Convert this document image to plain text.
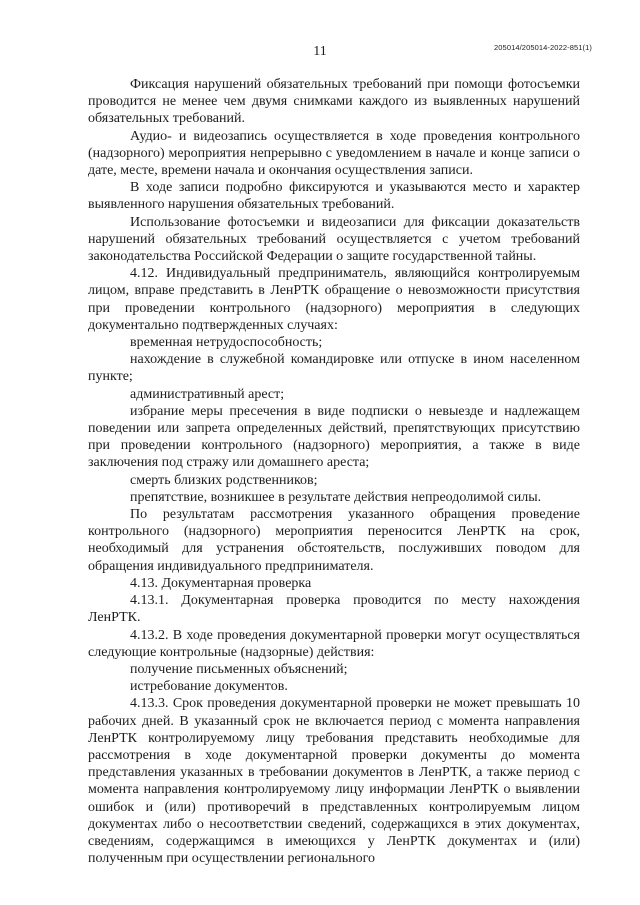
11	205014/205014-2022-851(1)

Фиксация нарушений обязательных требований при помощи фотосъемки проводится не менее чем двумя снимками каждого из выявленных нарушений обязательных требований.

Аудио- и видеозапись осуществляется в ходе проведения контрольного (надзорного) мероприятия непрерывно с уведомлением в начале и конце записи о дате, месте, времени начала и окончания осуществления записи.

В ходе записи подробно фиксируются и указываются место и характер выявленного нарушения обязательных требований.

Использование фотосъемки и видеозаписи для фиксации доказательств нарушений обязательных требований осуществляется с учетом требований законодательства Российской Федерации о защите государственной тайны.

4.12. Индивидуальный предприниматель, являющийся контролируемым лицом, вправе представить в ЛенРТК обращение о невозможности присутствия при проведении контрольного (надзорного) мероприятия в следующих документально подтвержденных случаях:

временная нетрудоспособность;

нахождение в служебной командировке или отпуске в ином населенном пункте;

административный арест;

избрание меры пресечения в виде подписки о невыезде и надлежащем поведении или запрета определенных действий, препятствующих присутствию при проведении контрольного (надзорного) мероприятия, а также в виде заключения под стражу или домашнего ареста;

смерть близких родственников;

препятствие, возникшее в результате действия непреодолимой силы.

По результатам рассмотрения указанного обращения проведение контрольного (надзорного) мероприятия переносится ЛенРТК на срок, необходимый для устранения обстоятельств, послуживших поводом для обращения индивидуального предпринимателя.

4.13. Документарная проверка

4.13.1. Документарная проверка проводится по месту нахождения ЛенРТК.

4.13.2. В ходе проведения документарной проверки могут осуществляться следующие контрольные (надзорные) действия:

получение письменных объяснений;

истребование документов.

4.13.3. Срок проведения документарной проверки не может превышать 10 рабочих дней. В указанный срок не включается период с момента направления ЛенРТК контролируемому лицу требования представить необходимые для рассмотрения в ходе документарной проверки документы до момента представления указанных в требовании документов в ЛенРТК, а также период с момента направления контролируемому лицу информации ЛенРТК о выявлении ошибок и (или) противоречий в представленных контролируемым лицом документах либо о несоответствии сведений, содержащихся в этих документах, сведениям, содержащимся в имеющихся у ЛенРТК документах и (или) полученным при осуществлении регионального
